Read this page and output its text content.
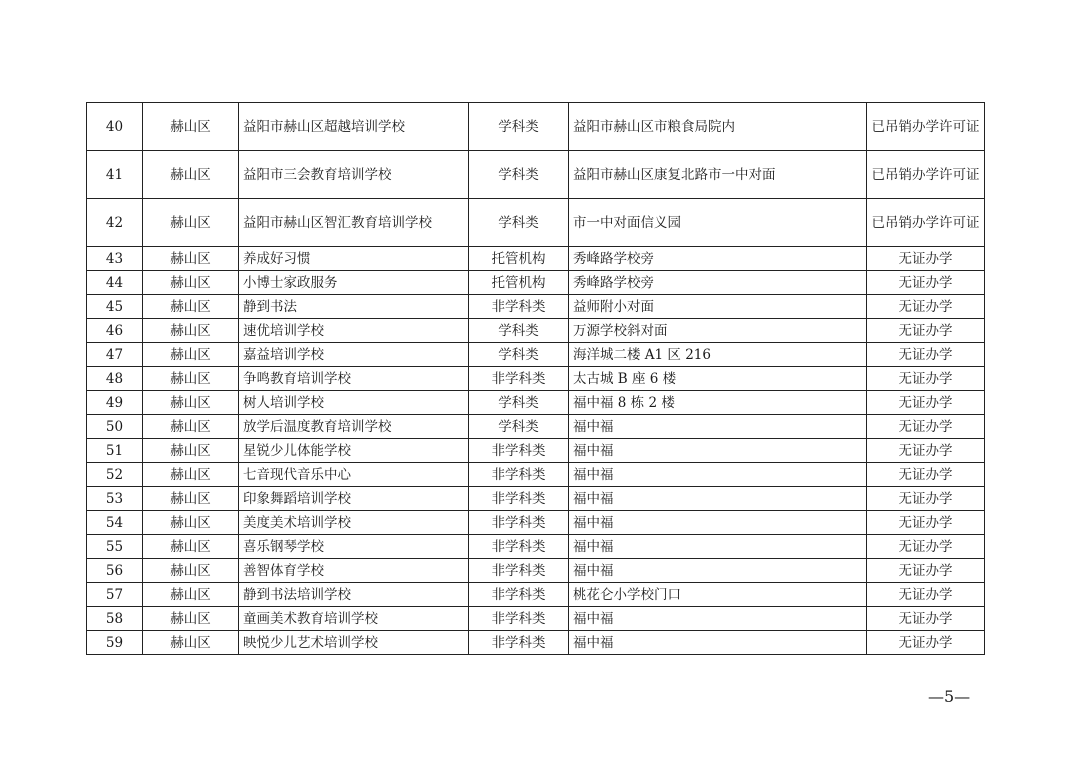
40	赫山区	益阳市赫山区超越培训学校	学科类	益阳市赫山区市粮食局院内	已吊销办学许可证
41	赫山区	益阳市三会教育培训学校	学科类	益阳市赫山区康复北路市一中对面	已吊销办学许可证
42	赫山区	益阳市赫山区智汇教育培训学校	学科类	市一中对面信义园	已吊销办学许可证
43	赫山区	养成好习惯	托管机构	秀峰路学校旁	无证办学
44	赫山区	小博士家政服务	托管机构	秀峰路学校旁	无证办学
45	赫山区	静到书法	非学科类	益师附小对面	无证办学
46	赫山区	速优培训学校	学科类	万源学校斜对面	无证办学
47	赫山区	嘉益培训学校	学科类	海洋城二楼 A1 区 216	无证办学
48	赫山区	争鸣教育培训学校	非学科类	太古城 B 座 6 楼	无证办学
49	赫山区	树人培训学校	学科类	福中福 8 栋 2 楼	无证办学
50	赫山区	放学后温度教育培训学校	学科类	福中福	无证办学
51	赫山区	星锐少儿体能学校	非学科类	福中福	无证办学
52	赫山区	七音现代音乐中心	非学科类	福中福	无证办学
53	赫山区	印象舞蹈培训学校	非学科类	福中福	无证办学
54	赫山区	美度美术培训学校	非学科类	福中福	无证办学
55	赫山区	喜乐钢琴学校	非学科类	福中福	无证办学
56	赫山区	善智体育学校	非学科类	福中福	无证办学
57	赫山区	静到书法培训学校	非学科类	桃花仑小学校门口	无证办学
58	赫山区	童画美术教育培训学校	非学科类	福中福	无证办学
59	赫山区	映悦少儿艺术培训学校	非学科类	福中福	无证办学
—5—
